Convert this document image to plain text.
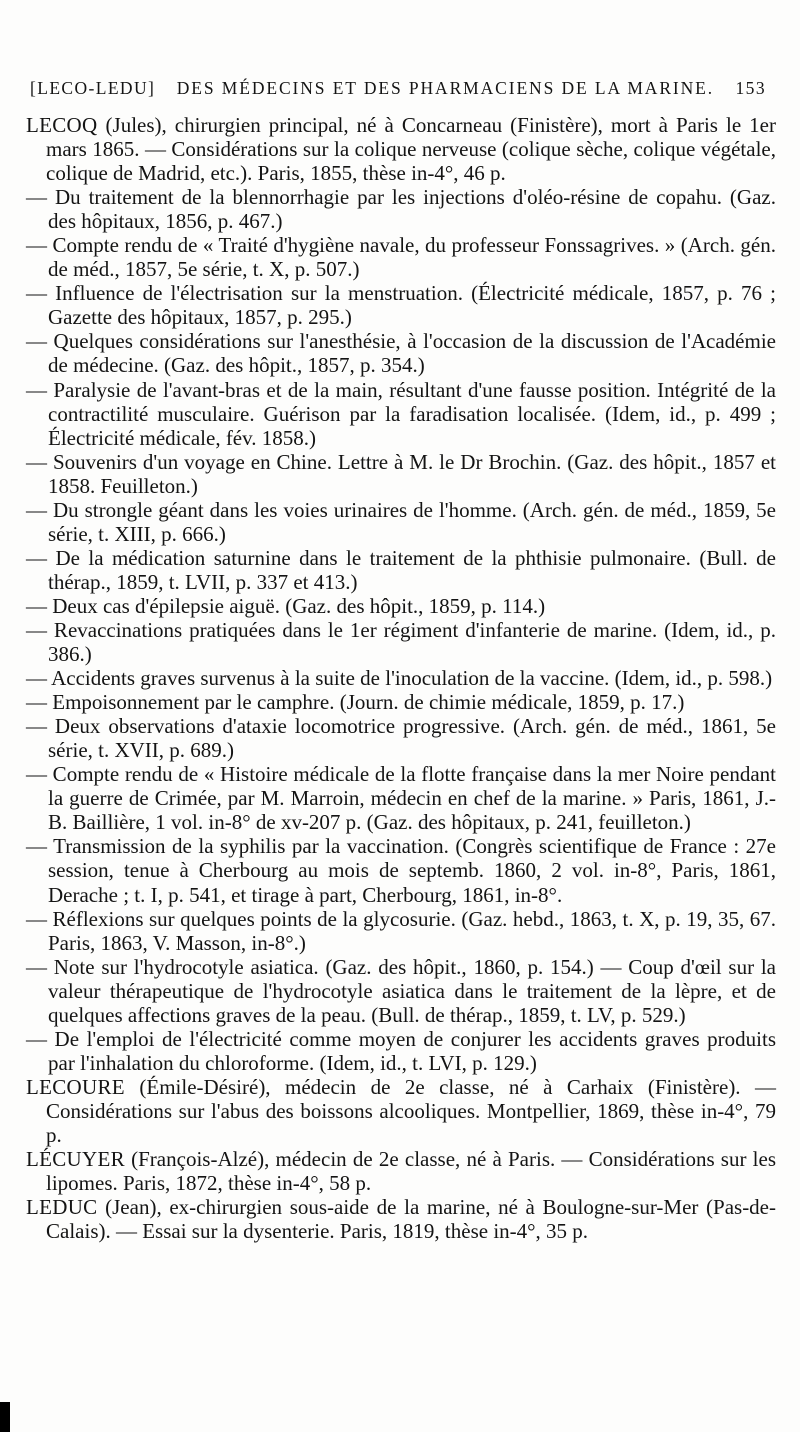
[LECO-LEDU] DES MÉDECINS ET DES PHARMACIENS DE LA MARINE. 153

LECOQ (Jules), chirurgien principal, né à Concarneau (Finistère), mort à Paris le 1er mars 1865. — Considérations sur la colique nerveuse (colique sèche, colique végétale, colique de Madrid, etc.). Paris, 1855, thèse in-4°, 46 p.

— Du traitement de la blennorrhagie par les injections d'oléo-résine de copahu. (Gaz. des hôpitaux, 1856, p. 467.)

— Compte rendu de « Traité d'hygiène navale, du professeur Fonssagrives. » (Arch. gén. de méd., 1857, 5e série, t. X, p. 507.)

— Influence de l'électrisation sur la menstruation. (Électricité médicale, 1857, p. 76 ; Gazette des hôpitaux, 1857, p. 295.)

— Quelques considérations sur l'anesthésie, à l'occasion de la discussion de l'Académie de médecine. (Gaz. des hôpit., 1857, p. 354.)

— Paralysie de l'avant-bras et de la main, résultant d'une fausse position. Intégrité de la contractilité musculaire. Guérison par la faradisation localisée. (Idem, id., p. 499 ; Électricité médicale, fév. 1858.)

— Souvenirs d'un voyage en Chine. Lettre à M. le Dr Brochin. (Gaz. des hôpit., 1857 et 1858. Feuilleton.)

— Du strongle géant dans les voies urinaires de l'homme. (Arch. gén. de méd., 1859, 5e série, t. XIII, p. 666.)

— De la médication saturnine dans le traitement de la phthisie pulmonaire. (Bull. de thérap., 1859, t. LVII, p. 337 et 413.)

— Deux cas d'épilepsie aiguë. (Gaz. des hôpit., 1859, p. 114.)

— Revaccinations pratiquées dans le 1er régiment d'infanterie de marine. (Idem, id., p. 386.)

— Accidents graves survenus à la suite de l'inoculation de la vaccine. (Idem, id., p. 598.)

— Empoisonnement par le camphre. (Journ. de chimie médicale, 1859, p. 17.)

— Deux observations d'ataxie locomotrice progressive. (Arch. gén. de méd., 1861, 5e série, t. XVII, p. 689.)

— Compte rendu de « Histoire médicale de la flotte française dans la mer Noire pendant la guerre de Crimée, par M. Marroin, médecin en chef de la marine. » Paris, 1861, J.-B. Baillière, 1 vol. in-8° de xv-207 p. (Gaz. des hôpitaux, p. 241, feuilleton.)

— Transmission de la syphilis par la vaccination. (Congrès scientifique de France : 27e session, tenue à Cherbourg au mois de septemb. 1860, 2 vol. in-8°, Paris, 1861, Derache ; t. I, p. 541, et tirage à part, Cherbourg, 1861, in-8°.

— Réflexions sur quelques points de la glycosurie. (Gaz. hebd., 1863, t. X, p. 19, 35, 67. Paris, 1863, V. Masson, in-8°.)

— Note sur l'hydrocotyle asiatica. (Gaz. des hôpit., 1860, p. 154.) — Coup d'œil sur la valeur thérapeutique de l'hydrocotyle asiatica dans le traitement de la lèpre, et de quelques affections graves de la peau. (Bull. de thérap., 1859, t. LV, p. 529.)

— De l'emploi de l'électricité comme moyen de conjurer les accidents graves produits par l'inhalation du chloroforme. (Idem, id., t. LVI, p. 129.)

LECOURE (Émile-Désiré), médecin de 2e classe, né à Carhaix (Finistère). — Considérations sur l'abus des boissons alcooliques. Montpellier, 1869, thèse in-4°, 79 p.

LÉCUYER (François-Alzé), médecin de 2e classe, né à Paris. — Considérations sur les lipomes. Paris, 1872, thèse in-4°, 58 p.

LEDUC (Jean), ex-chirurgien sous-aide de la marine, né à Boulogne-sur-Mer (Pas-de-Calais). — Essai sur la dysenterie. Paris, 1819, thèse in-4°, 35 p.
